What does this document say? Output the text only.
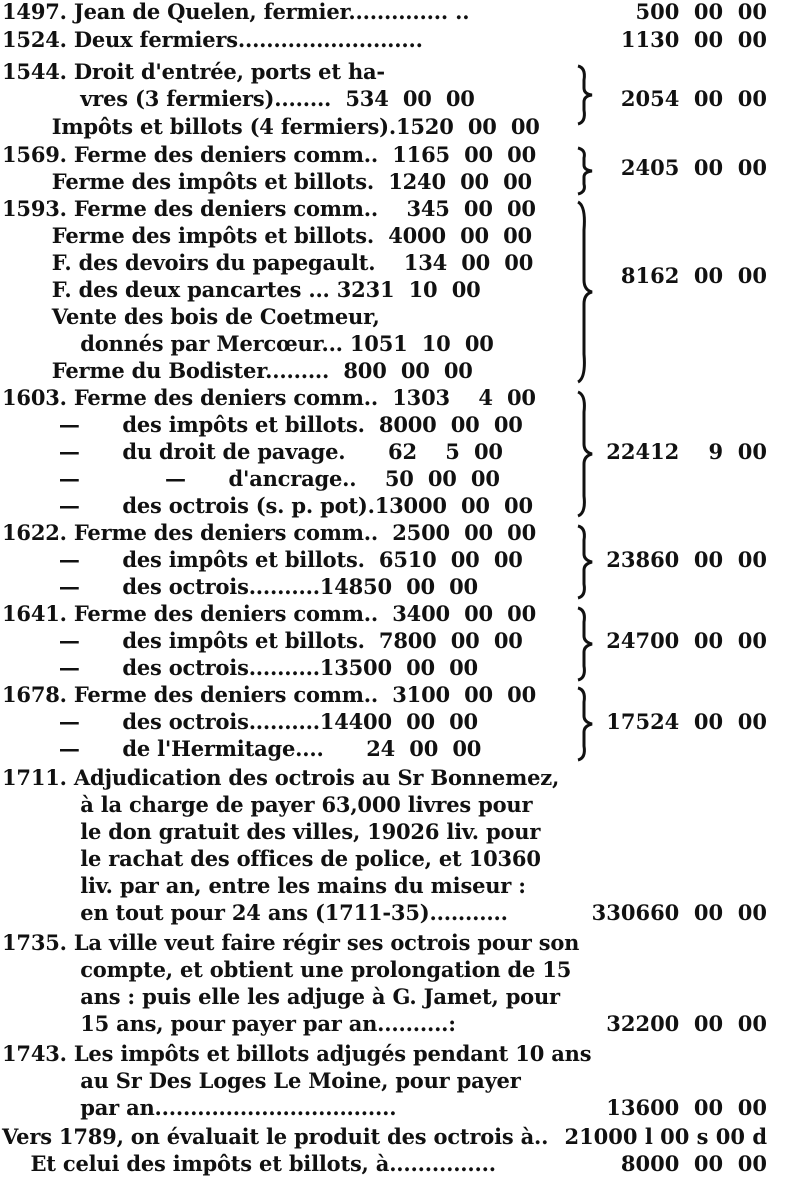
1497. Jean de Quelen, fermier.............. ..
1524. Deux fermiers..........................
1544. Droit d'entrée, ports et ha-
vres (3 fermiers)........  534  00  00
Impôts et billots (4 fermiers).1520  00  00
1569. Ferme des deniers comm..  1165  00  00
Ferme des impôts et billots.  1240  00  00
1593. Ferme des deniers comm..    345  00  00
Ferme des impôts et billots.  4000  00  00
F. des devoirs du papegault.    134  00  00
F. des deux pancartes ... 3231  10  00
Vente des bois de Coetmeur,
donnés par Mercœur... 1051  10  00
Ferme du Bodister.........  800  00  00
1603. Ferme des deniers comm..  1303    4  00
—      des impôts et billots.  8000  00  00
—      du droit de pavage.      62    5  00
—            —      d'ancrage..    50  00  00
—      des octrois (s. p. pot).13000  00  00
1622. Ferme des deniers comm..  2500  00  00
—      des impôts et billots.  6510  00  00
—      des octrois..........14850  00  00
1641. Ferme des deniers comm..  3400  00  00
—      des impôts et billots.  7800  00  00
—      des octrois..........13500  00  00
1678. Ferme des deniers comm..  3100  00  00
—      des octrois..........14400  00  00
—      de l'Hermitage....      24  00  00
1711. Adjudication des octrois au Sr Bonnemez,
à la charge de payer 63,000 livres pour
le don gratuit des villes, 19026 liv. pour
le rachat des offices de police, et 10360
liv. par an, entre les mains du miseur :
en tout pour 24 ans (1711-35)...........
1735. La ville veut faire régir ses octrois pour son
compte, et obtient une prolongation de 15
ans : puis elle les adjuge à G. Jamet, pour
15 ans, pour payer par an..........:
1743. Les impôts et billots adjugés pendant 10 ans
au Sr Des Loges Le Moine, pour payer
par an..................................
Vers 1789, on évaluait le produit des octrois à..
Et celui des impôts et billots, à...............
500  00  00
1130  00  00
2054  00  00
2405  00  00
8162  00  00
22412    9  00
23860  00  00
24700  00  00
17524  00  00
330660  00  00
32200  00  00
13600  00  00
21000 l 00 s 00 d
8000  00  00
